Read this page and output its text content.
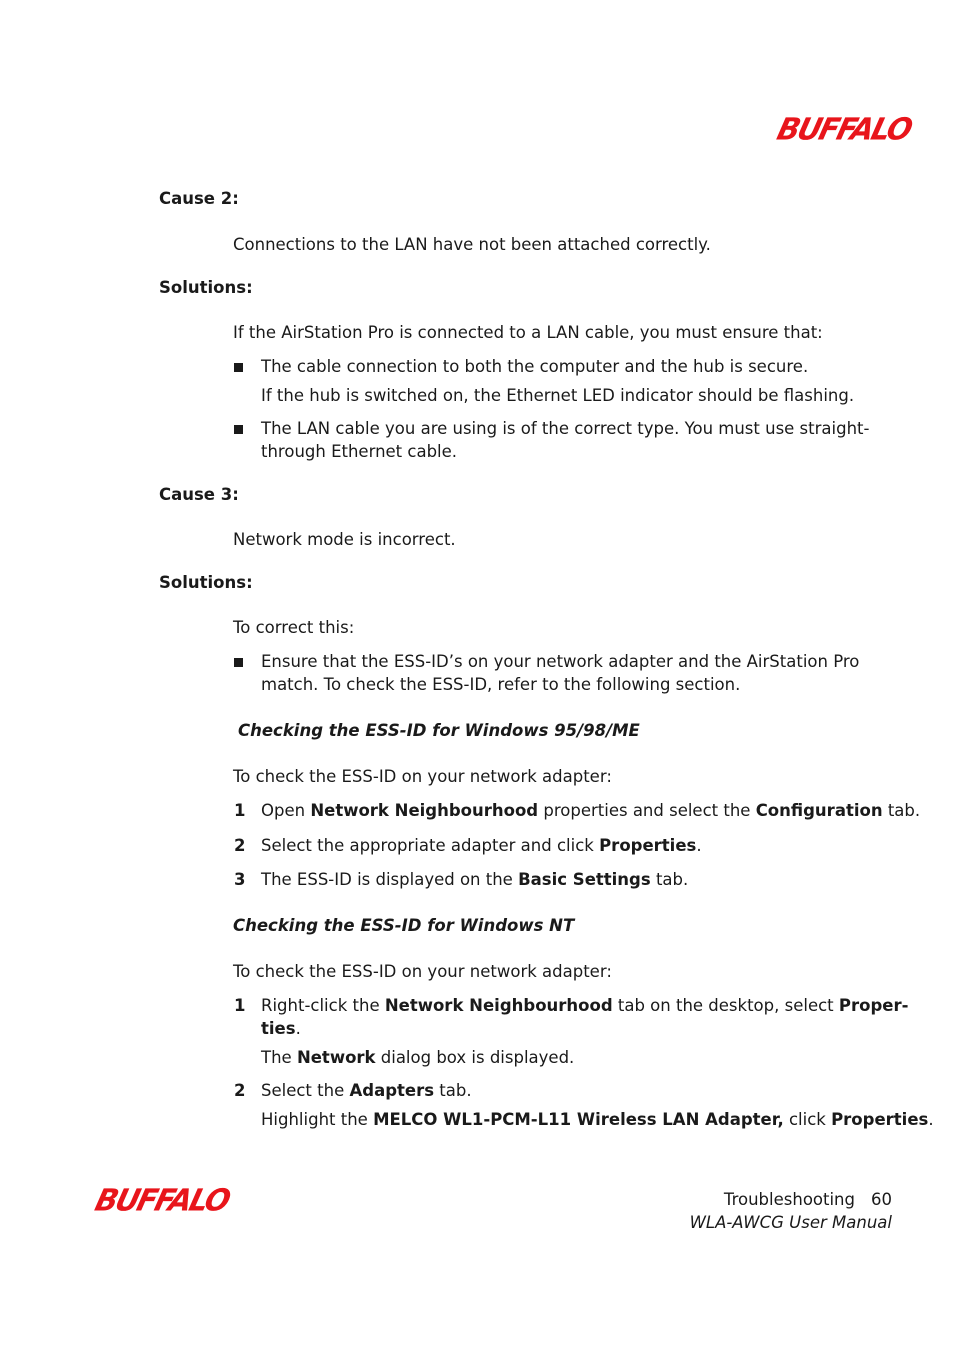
BUFFALO
Cause 2:
Connections to the LAN have not been attached correctly.
Solutions:
If the AirStation Pro is connected to a LAN cable, you must ensure that:
The cable connection to both the computer and the hub is secure.
If the hub is switched on, the Ethernet LED indicator should be flashing.
The LAN cable you are using is of the correct type. You must use straight-
through Ethernet cable.
Cause 3:
Network mode is incorrect.
Solutions:
To correct this:
Ensure that the ESS-ID’s on your network adapter and the AirStation Pro
match. To check the ESS-ID, refer to the following section.
Checking the ESS-ID for Windows 95/98/ME
To check the ESS-ID on your network adapter:
1 Open Network Neighbourhood properties and select the Configuration tab.
2 Select the appropriate adapter and click Properties.
3 The ESS-ID is displayed on the Basic Settings tab.
Checking the ESS-ID for Windows NT
To check the ESS-ID on your network adapter:
1 Right-click the Network Neighbourhood tab on the desktop, select Proper-
ties.
The Network dialog box is displayed.
2 Select the Adapters tab.
Highlight the MELCO WL1-PCM-L11 Wireless LAN Adapter, click Properties.
BUFFALO	Troubleshooting 60
WLA-AWCG User Manual
